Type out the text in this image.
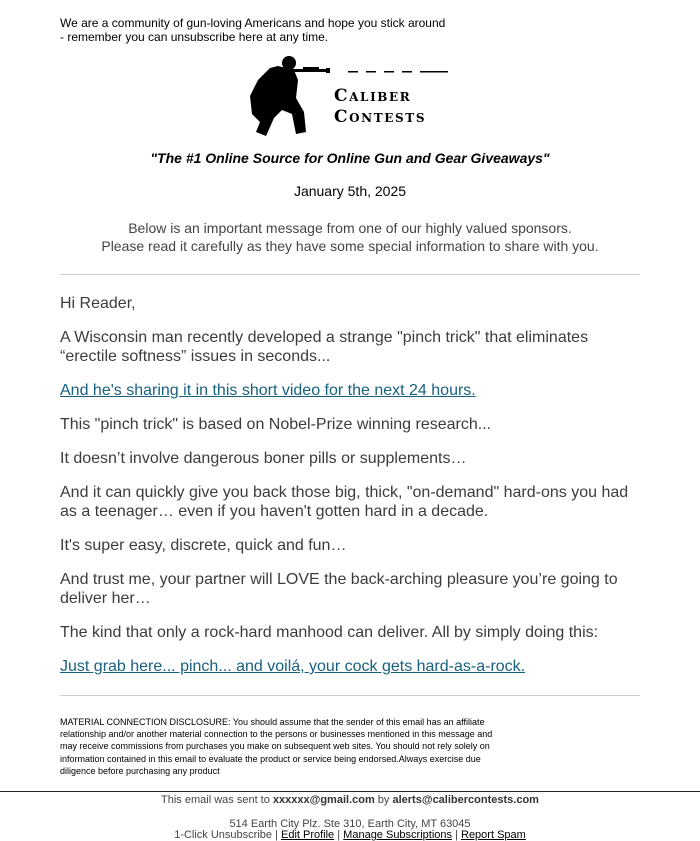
We are a community of gun-loving Americans and hope you stick around
- remember you can unsubscribe here at any time.
Caliber
Contests
"The #1 Online Source for Online Gun and Gear Giveaways"
January 5th, 2025
Below is an important message from one of our highly valued sponsors.
Please read it carefully as they have some special information to share with you.

Hi Reader,

A Wisconsin man recently developed a strange "pinch trick" that eliminates “erectile softness” issues in seconds...

And he's sharing it in this short video for the next 24 hours.

This "pinch trick" is based on Nobel-Prize winning research...

It doesn’t involve dangerous boner pills or supplements…

And it can quickly give you back those big, thick, "on-demand" hard-ons you had as a teenager… even if you haven't gotten hard in a decade.

It's super easy, discrete, quick and fun…

And trust me, your partner will LOVE the back-arching pleasure you’re going to deliver her…

The kind that only a rock-hard manhood can deliver. All by simply doing this:

Just grab here... pinch... and voilá, your cock gets hard-as-a-rock.

MATERIAL CONNECTION DISCLOSURE: You should assume that the sender of this email has an affiliate relationship and/or another material connection to the persons or businesses mentioned in this message and may receive commissions from purchases you make on subsequent web sites. You should not rely solely on information contained in this email to evaluate the product or service being endorsed.Always exercise due diligence before purchasing any product
This email was sent to xxxxxx@gmail.com by alerts@calibercontests.com
514 Earth City Plz. Ste 310, Earth City, MT 63045
1-Click Unsubscribe | Edit Profile | Manage Subscriptions | Report Spam
